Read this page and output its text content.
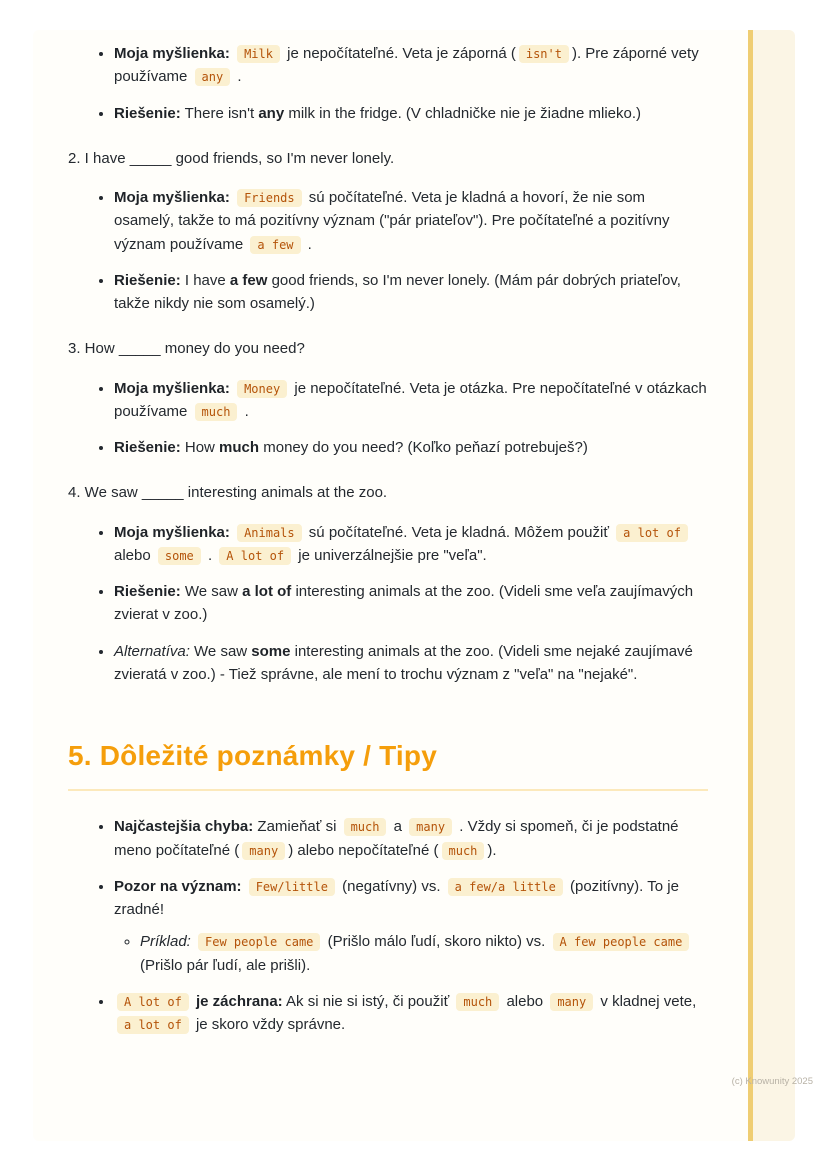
• Moja myšlienka: Milk je nepočítateľné. Veta je záporná ( isn't ). Pre záporné vety používame any .
• Riešenie: There isn't any milk in the fridge. (V chladničke nie je žiadne mlieko.)

2. I have _____ good friends, so I'm never lonely.

• Moja myšlienka: Friends sú počítateľné. Veta je kladná a hovorí, že nie som osamelý, takže to má pozitívny význam ("pár priateľov"). Pre počítateľné a pozitívny význam používame a few .
• Riešenie: I have a few good friends, so I'm never lonely. (Mám pár dobrých priateľov, takže nikdy nie som osamelý.)

3. How _____ money do you need?

• Moja myšlienka: Money je nepočítateľné. Veta je otázka. Pre nepočítateľné v otázkach používame much .
• Riešenie: How much money do you need? (Koľko peňazí potrebuješ?)

4. We saw _____ interesting animals at the zoo.

• Moja myšlienka: Animals sú počítateľné. Veta je kladná. Môžem použiť a lot of alebo some . A lot of je univerzálnejšie pre "veľa".
• Riešenie: We saw a lot of interesting animals at the zoo. (Videli sme veľa zaujímavých zvierat v zoo.)
• Alternatíva: We saw some interesting animals at the zoo. (Videli sme nejaké zaujímavé zvieratá v zoo.) - Tiež správne, ale mení to trochu význam z "veľa" na "nejaké".
5. Dôležité poznámky / Tipy
• Najčastejšia chyba: Zamieňať si much a many . Vždy si spomeň, či je podstatné meno počítateľné ( many ) alebo nepočítateľné ( much ).
• Pozor na význam: Few/little (negatívny) vs. a few/a little (pozitívny). To je zradné!
◦ Príklad: Few people came (Prišlo málo ľudí, skoro nikto) vs. A few people came (Prišlo pár ľudí, ale prišli).
• A lot of je záchrana: Ak si nie si istý, či použiť much alebo many v kladnej vete, a lot of je skoro vždy správne.
(c) Knowunity 2025
